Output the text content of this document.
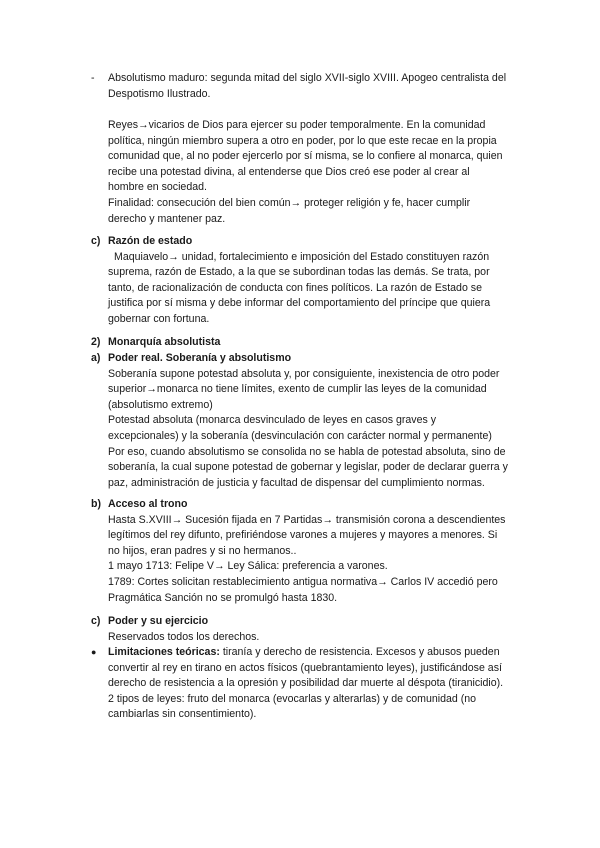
- Absolutismo maduro: segunda mitad del siglo XVII-siglo XVIII. Apogeo centralista del
Despotismo Ilustrado.
Reyes→vicarios de Dios para ejercer su poder temporalmente. En la comunidad
política, ningún miembro supera a otro en poder, por lo que este recae en la propia
comunidad que, al no poder ejercerlo por sí misma, se lo confiere al monarca, quien
recibe una potestad divina, al entenderse que Dios creó ese poder al crear al
hombre en sociedad.
Finalidad: consecución del bien común→ proteger religión y fe, hacer cumplir
derecho y mantener paz.
c) Razón de estado
Maquiavelo→ unidad, fortalecimiento e imposición del Estado constituyen razón
suprema, razón de Estado, a la que se subordinan todas las demás. Se trata, por
tanto, de racionalización de conducta con fines políticos. La razón de Estado se
justifica por sí misma y debe informar del comportamiento del príncipe que quiera
gobernar con fortuna.
2) Monarquía absolutista
a) Poder real. Soberanía y absolutismo
Soberanía supone potestad absoluta y, por consiguiente, inexistencia de otro poder
superior→monarca no tiene límites, exento de cumplir las leyes de la comunidad
(absolutismo extremo)
Potestad absoluta (monarca desvinculado de leyes en casos graves y
excepcionales) y la soberanía (desvinculación con carácter normal y permanente)
Por eso, cuando absolutismo se consolida no se habla de potestad absoluta, sino de
soberanía, la cual supone potestad de gobernar y legislar, poder de declarar guerra y
paz, administración de justicia y facultad de dispensar del cumplimiento normas.
b) Acceso al trono
Hasta S.XVIII→ Sucesión fijada en 7 Partidas→ transmisión corona a descendientes
legítimos del rey difunto, prefiriéndose varones a mujeres y mayores a menores. Si
no hijos, eran padres y si no hermanos..
1 mayo 1713: Felipe V→ Ley Sálica: preferencia a varones.
1789: Cortes solicitan restablecimiento antigua normativa→ Carlos IV accedió pero
Pragmática Sanción no se promulgó hasta 1830.
c) Poder y su ejercicio
Reservados todos los derechos.
● Limitaciones teóricas: tiranía y derecho de resistencia. Excesos y abusos pueden
convertir al rey en tirano en actos físicos (quebrantamiento leyes), justificándose así
derecho de resistencia a la opresión y posibilidad dar muerte al déspota (tiranicidio).
2 tipos de leyes: fruto del monarca (evocarlas y alterarlas) y de comunidad (no
cambiarlas sin consentimiento).
